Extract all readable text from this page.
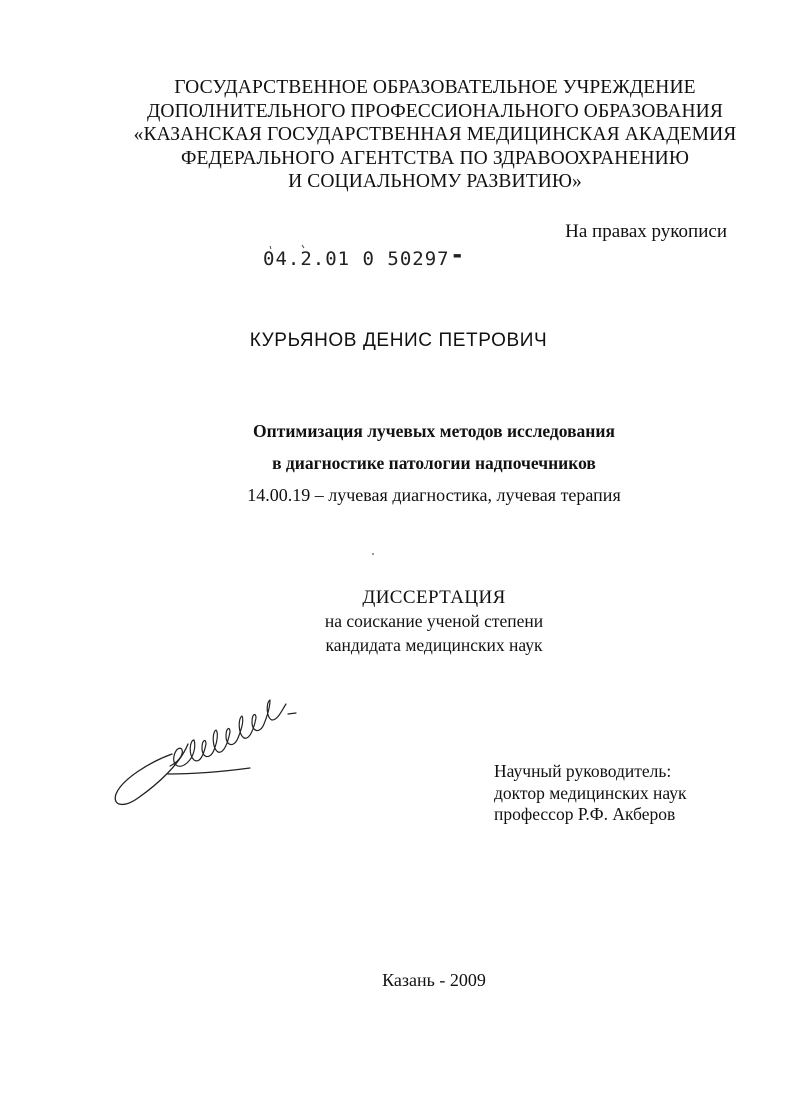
ГОСУДАРСТВЕННОЕ ОБРАЗОВАТЕЛЬНОЕ УЧРЕЖДЕНИЕ
ДОПОЛНИТЕЛЬНОГО ПРОФЕССИОНАЛЬНОГО ОБРАЗОВАНИЯ
«КАЗАНСКАЯ ГОСУДАРСТВЕННАЯ МЕДИЦИНСКАЯ АКАДЕМИЯ
ФЕДЕРАЛЬНОГО АГЕНТСТВА ПО ЗДРАВООХРАНЕНИЮ
И СОЦИАЛЬНОМУ РАЗВИТИЮ»
На правах рукописи
04.2.01 0 50297 ▬
КУРЬЯНОВ ДЕНИС ПЕТРОВИЧ
Оптимизация лучевых методов исследования
в диагностике патологии надпочечников
14.00.19 – лучевая диагностика, лучевая терапия
ДИССЕРТАЦИЯ
на соискание ученой степени
кандидата медицинских наук
Научный руководитель:
доктор медицинских наук
профессор Р.Ф. Акберов
Казань - 2009
